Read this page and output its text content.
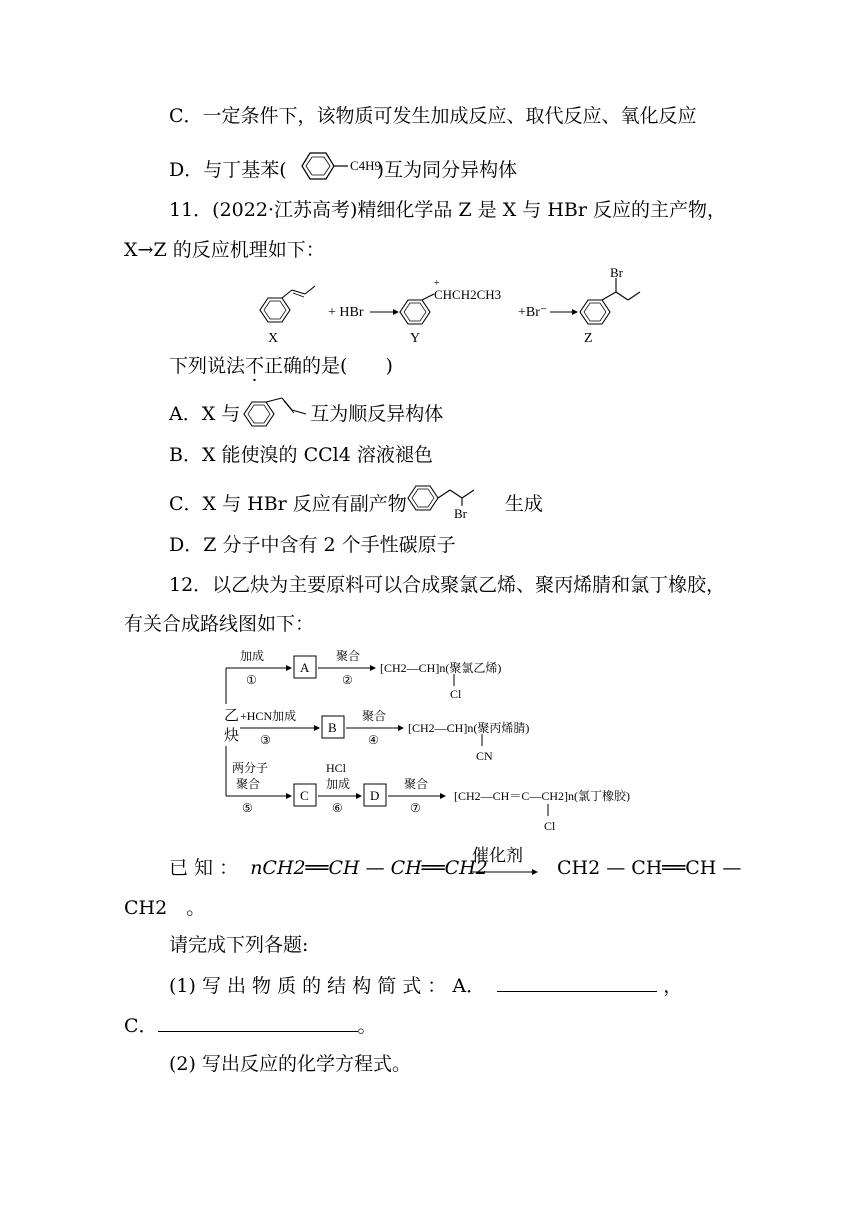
C．一定条件下，该物质可发生加成反应、取代反应、氧化反应
D．与丁基苯(	)互为同分异构体
C4H9
11．(2022·江苏高考)精细化学品 Z 是 X 与 HBr 反应的主产物，
X→Z 的反应机理如下：
X
+ HBr
+
CHCH2CH3
Y
+Br⁻
Br
Z
下列说法不正确的是(　　)
A．X 与	互为顺反异构体
B．X 能使溴的 CCl4 溶液褪色
C．X 与 HBr 反应有副产物	生成
Br
D．Z 分子中含有 2 个手性碳原子
12．以乙炔为主要原料可以合成聚氯乙烯、聚丙烯腈和氯丁橡胶，
有关合成路线图如下：
乙
炔
加成
①
A
聚合
②
[CH2—CH]n(聚氯乙烯)
Cl
+HCN加成
③
B
聚合
④
[CH2—CH]n(聚丙烯腈)
CN
两分子
聚合
⑤
C
HCl
加成
⑥
D
聚合
⑦
[CH2—CH＝C—CH2]n(氯丁橡胶)
Cl
已 知 ： nCH2══CH — CH══CH2
催化剂
CH2 — CH══CH —
CH2　。
请完成下列各题:
(1) 写 出 物 质 的 结 构 简 式 ： A．	，
C．	。
(2) 写出反应的化学方程式。
